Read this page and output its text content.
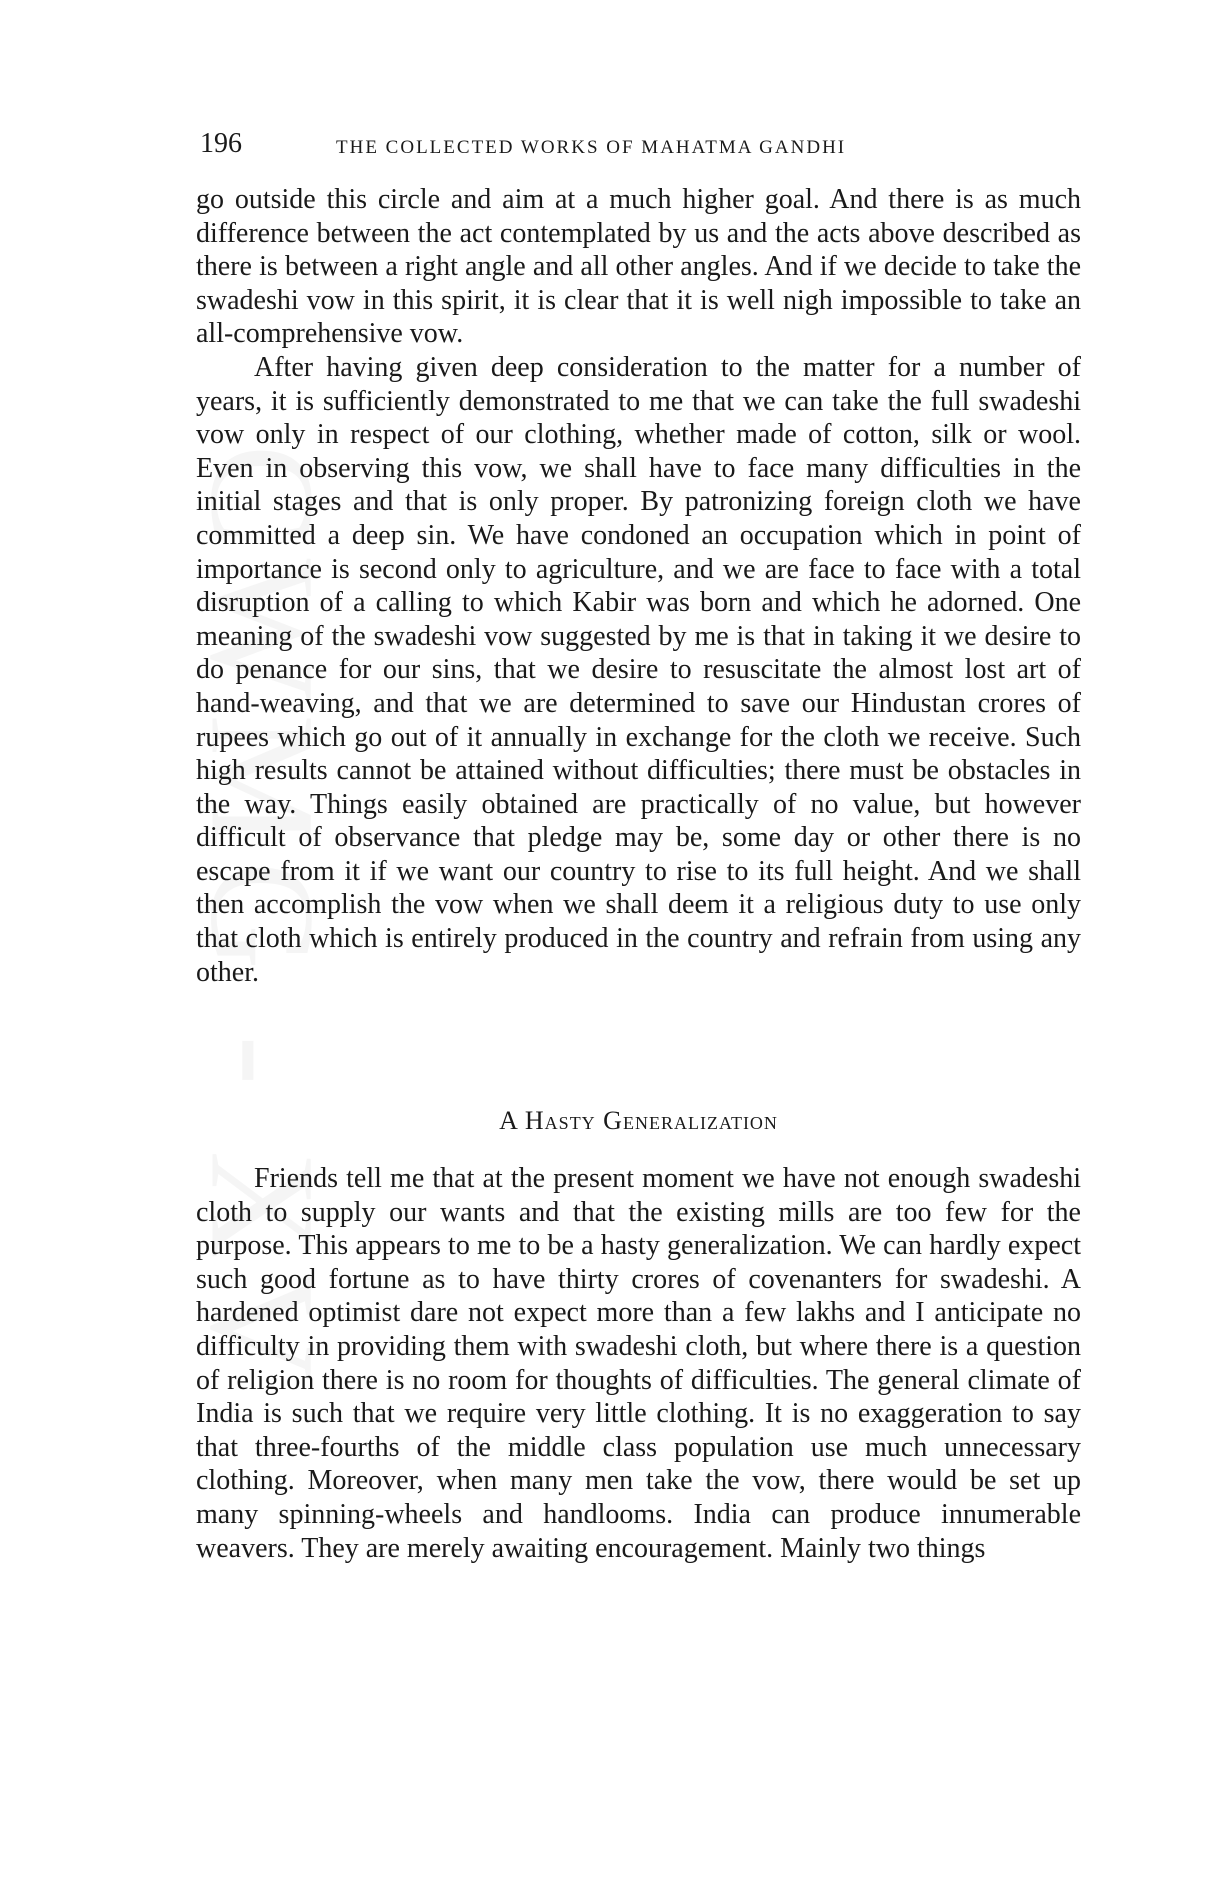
196	THE COLLECTED WORKS OF MAHATMA GANDHI

go outside this circle and aim at a much higher goal. And there is as much difference between the act contemplated by us and the acts above described as there is between a right angle and all other angles. And if we decide to take the swadeshi vow in this spirit, it is clear that it is well nigh impossible to take an all-comprehensive vow.

After having given deep consideration to the matter for a number of years, it is sufficiently demonstrated to me that we can take the full swadeshi vow only in respect of our clothing, whether made of cotton, silk or wool. Even in observing this vow, we shall have to face many difficulties in the initial stages and that is only proper. By patronizing foreign cloth we have committed a deep sin. We have condoned an occupation which in point of importance is second only to agriculture, and we are face to face with a total disruption of a calling to which Kabir was born and which he adorned. One meaning of the swadeshi vow suggested by me is that in taking it we desire to do penance for our sins, that we desire to resuscitate the almost lost art of hand-weaving, and that we are determined to save our Hindustan crores of rupees which go out of it annually in exchange for the cloth we receive. Such high results cannot be attained without difficulties; there must be obstacles in the way. Things easily obtained are practically of no value, but however difficult of observance that pledge may be, some day or other there is no escape from it if we want our country to rise to its full height. And we shall then accomplish the vow when we shall deem it a religious duty to use only that cloth which is entirely produced in the country and refrain from using any other.

A Hasty Generalization

Friends tell me that at the present moment we have not enough swadeshi cloth to supply our wants and that the existing mills are too few for the purpose. This appears to me to be a hasty generalization. We can hardly expect such good fortune as to have thirty crores of covenanters for swadeshi. A hardened optimist dare not expect more than a few lakhs and I anticipate no difficulty in providing them with swadeshi cloth, but where there is a question of religion there is no room for thoughts of difficulties. The general climate of India is such that we require very little clothing. It is no exaggeration to say that three-fourths of the middle class population use much unnecessary clothing. Moreover, when many men take the vow, there would be set up many spinning-wheels and handlooms. India can produce innumerable weavers. They are merely awaiting encouragement. Mainly two things
